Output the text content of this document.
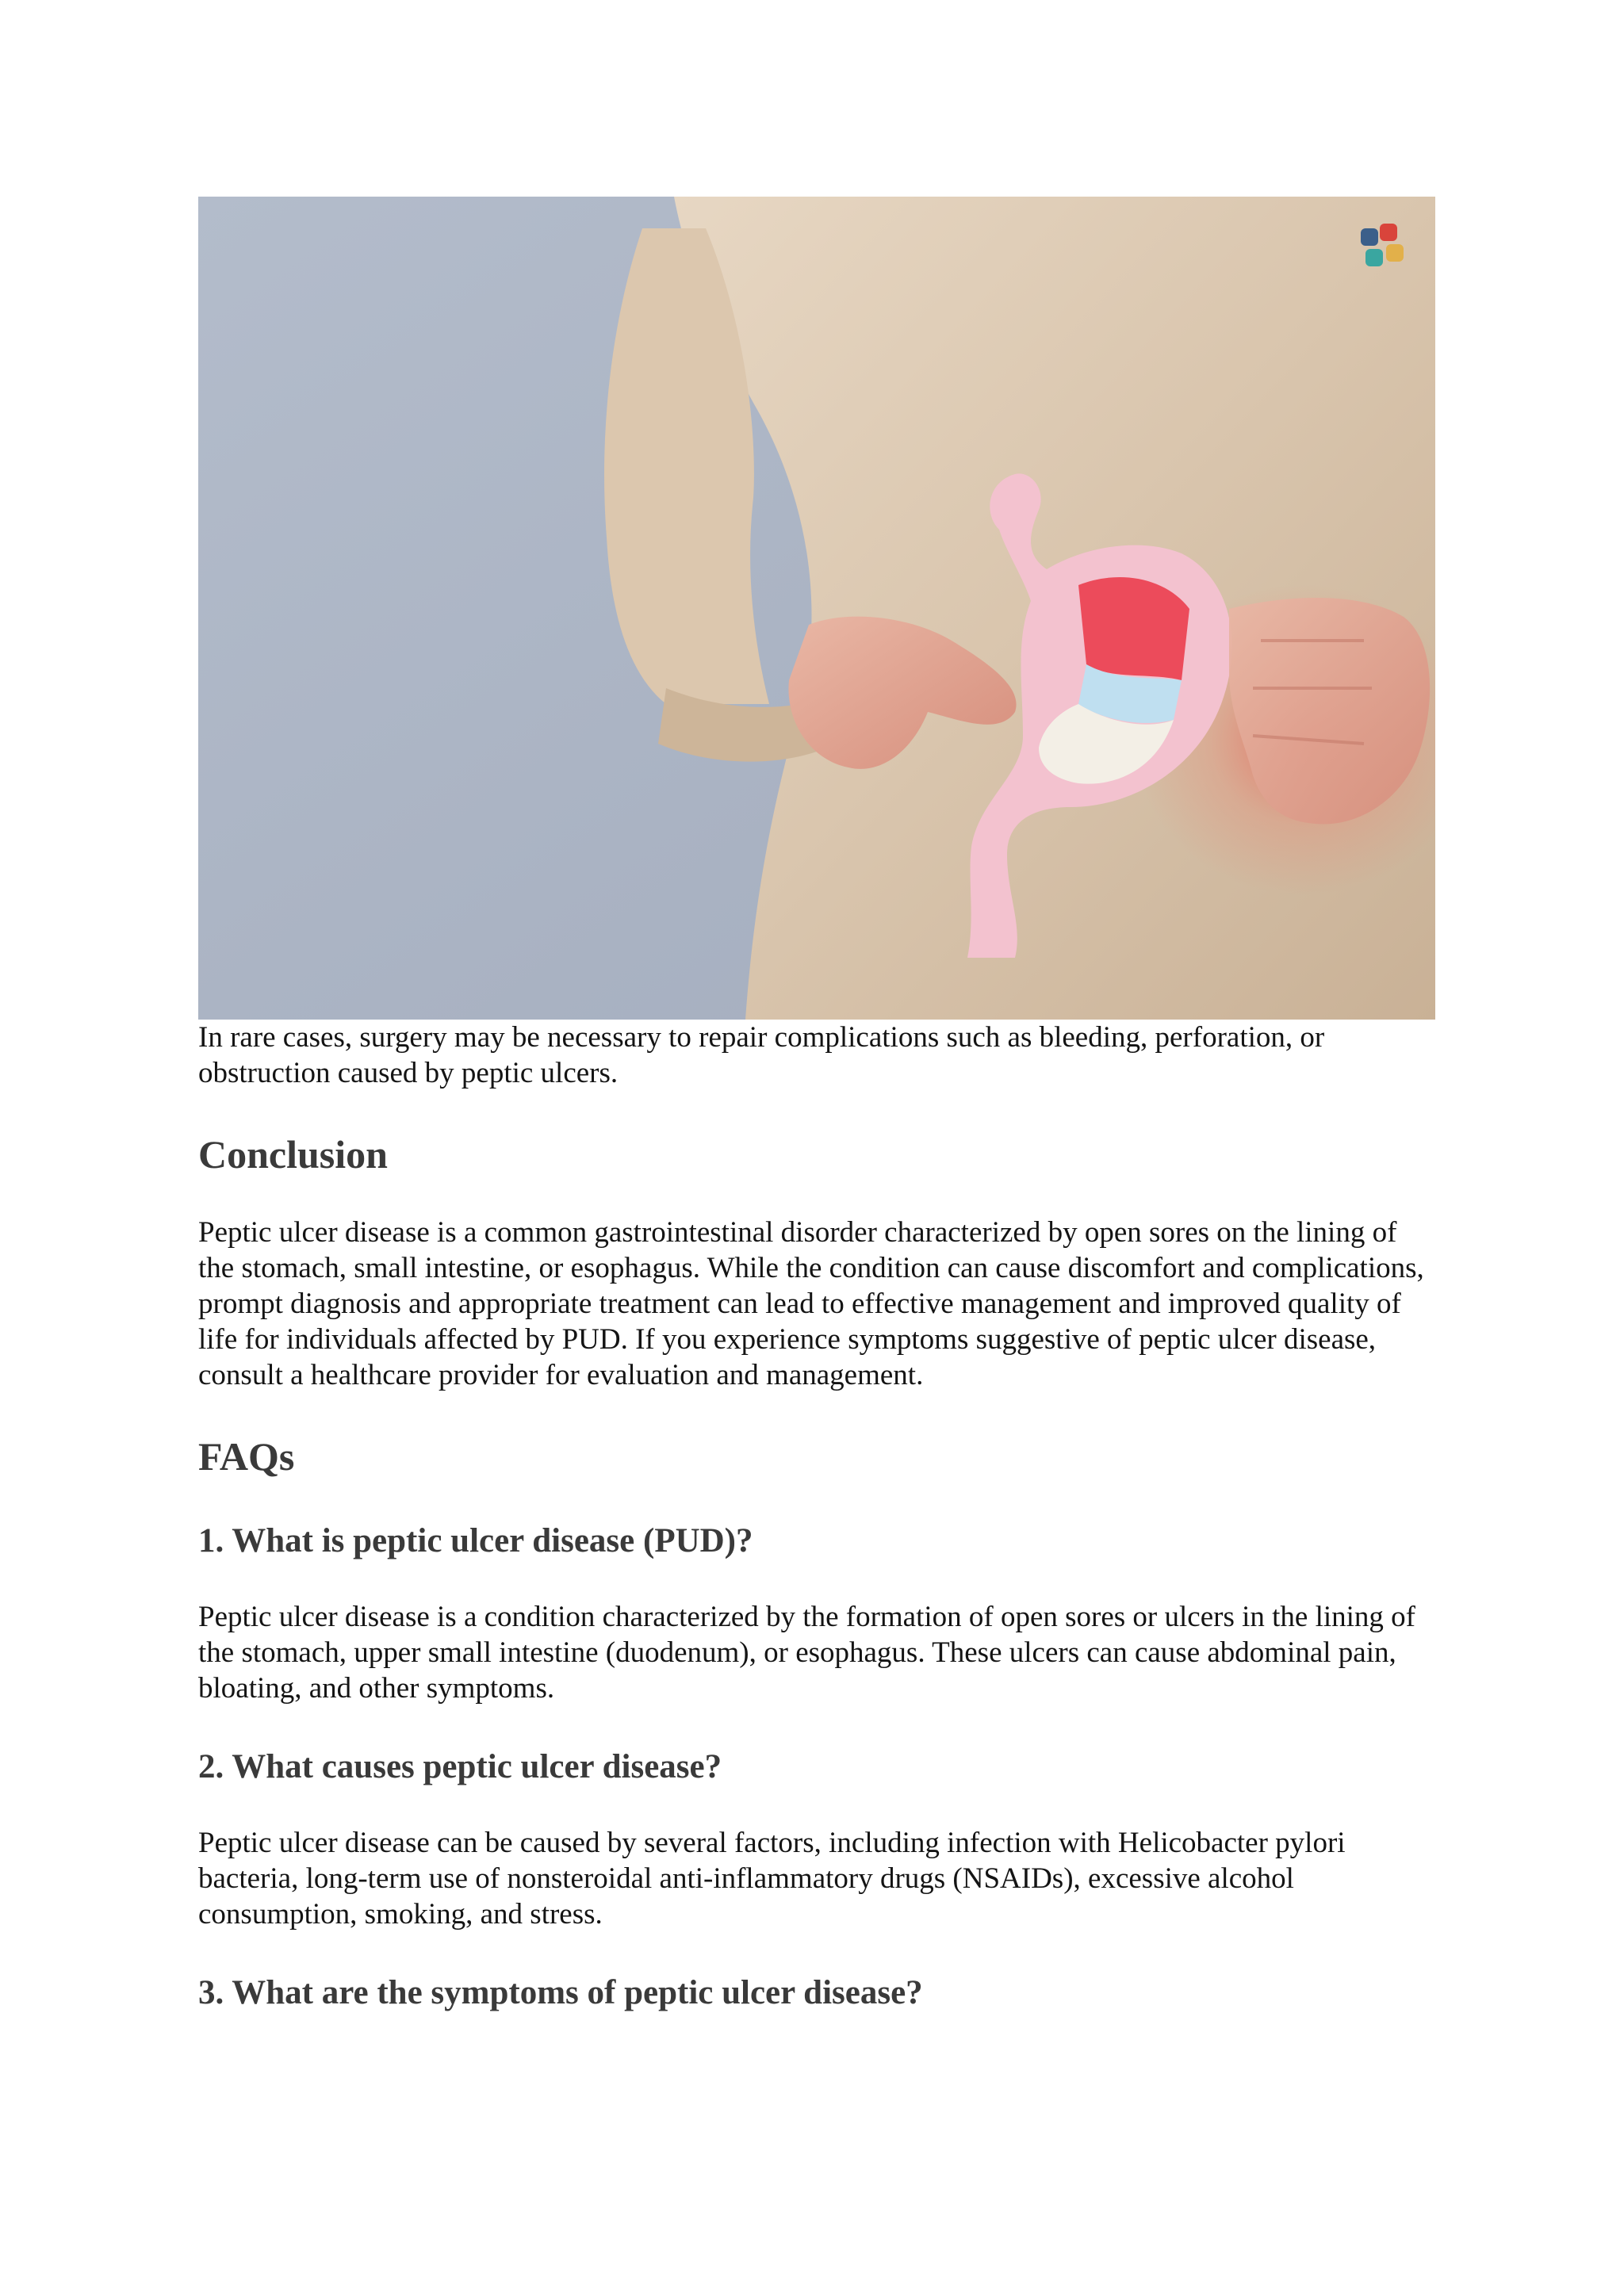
In rare cases, surgery may be necessary to repair complications such as bleeding, perforation, or obstruction caused by peptic ulcers.

Conclusion

Peptic ulcer disease is a common gastrointestinal disorder characterized by open sores on the lining of the stomach, small intestine, or esophagus. While the condition can cause discomfort and complications, prompt diagnosis and appropriate treatment can lead to effective management and improved quality of life for individuals affected by PUD. If you experience symptoms suggestive of peptic ulcer disease, consult a healthcare provider for evaluation and management.

FAQs
1. What is peptic ulcer disease (PUD)?

Peptic ulcer disease is a condition characterized by the formation of open sores or ulcers in the lining of the stomach, upper small intestine (duodenum), or esophagus. These ulcers can cause abdominal pain, bloating, and other symptoms.

2. What causes peptic ulcer disease?

Peptic ulcer disease can be caused by several factors, including infection with Helicobacter pylori bacteria, long-term use of nonsteroidal anti-inflammatory drugs (NSAIDs), excessive alcohol consumption, smoking, and stress.

3. What are the symptoms of peptic ulcer disease?
